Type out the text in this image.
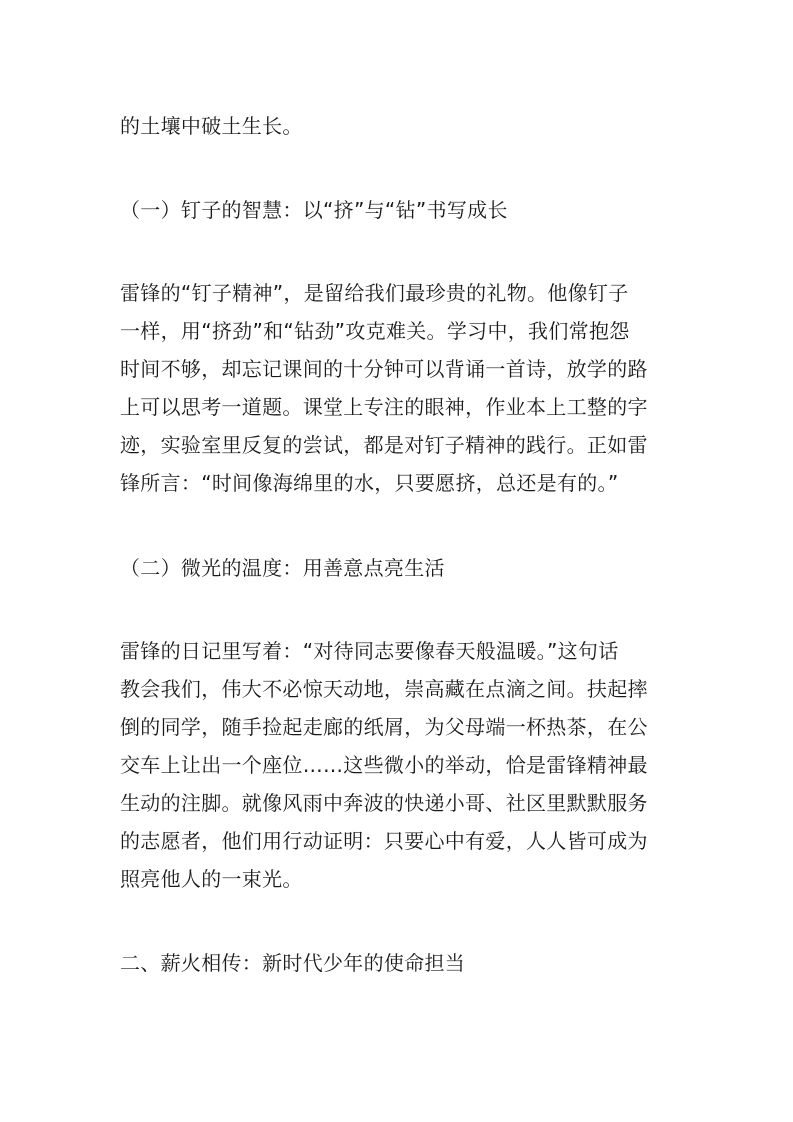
的土壤中破土生长。

（一）钉子的智慧：以“挤”与“钻”书写成长

雷锋的“钉子精神”，是留给我们最珍贵的礼物。他像钉子

一样，用“挤劲”和“钻劲”攻克难关。学习中，我们常抱怨

时间不够，却忘记课间的十分钟可以背诵一首诗，放学的路

上可以思考一道题。课堂上专注的眼神，作业本上工整的字

迹，实验室里反复的尝试，都是对钉子精神的践行。正如雷

锋所言：“时间像海绵里的水，只要愿挤，总还是有的。”

（二）微光的温度：用善意点亮生活

雷锋的日记里写着：“对待同志要像春天般温暖。”这句话

教会我们，伟大不必惊天动地，崇高藏在点滴之间。扶起摔

倒的同学，随手捡起走廊的纸屑，为父母端一杯热茶，在公

交车上让出一个座位……这些微小的举动，恰是雷锋精神最

生动的注脚。就像风雨中奔波的快递小哥、社区里默默服务

的志愿者，他们用行动证明：只要心中有爱，人人皆可成为

照亮他人的一束光。

二、薪火相传：新时代少年的使命担当
